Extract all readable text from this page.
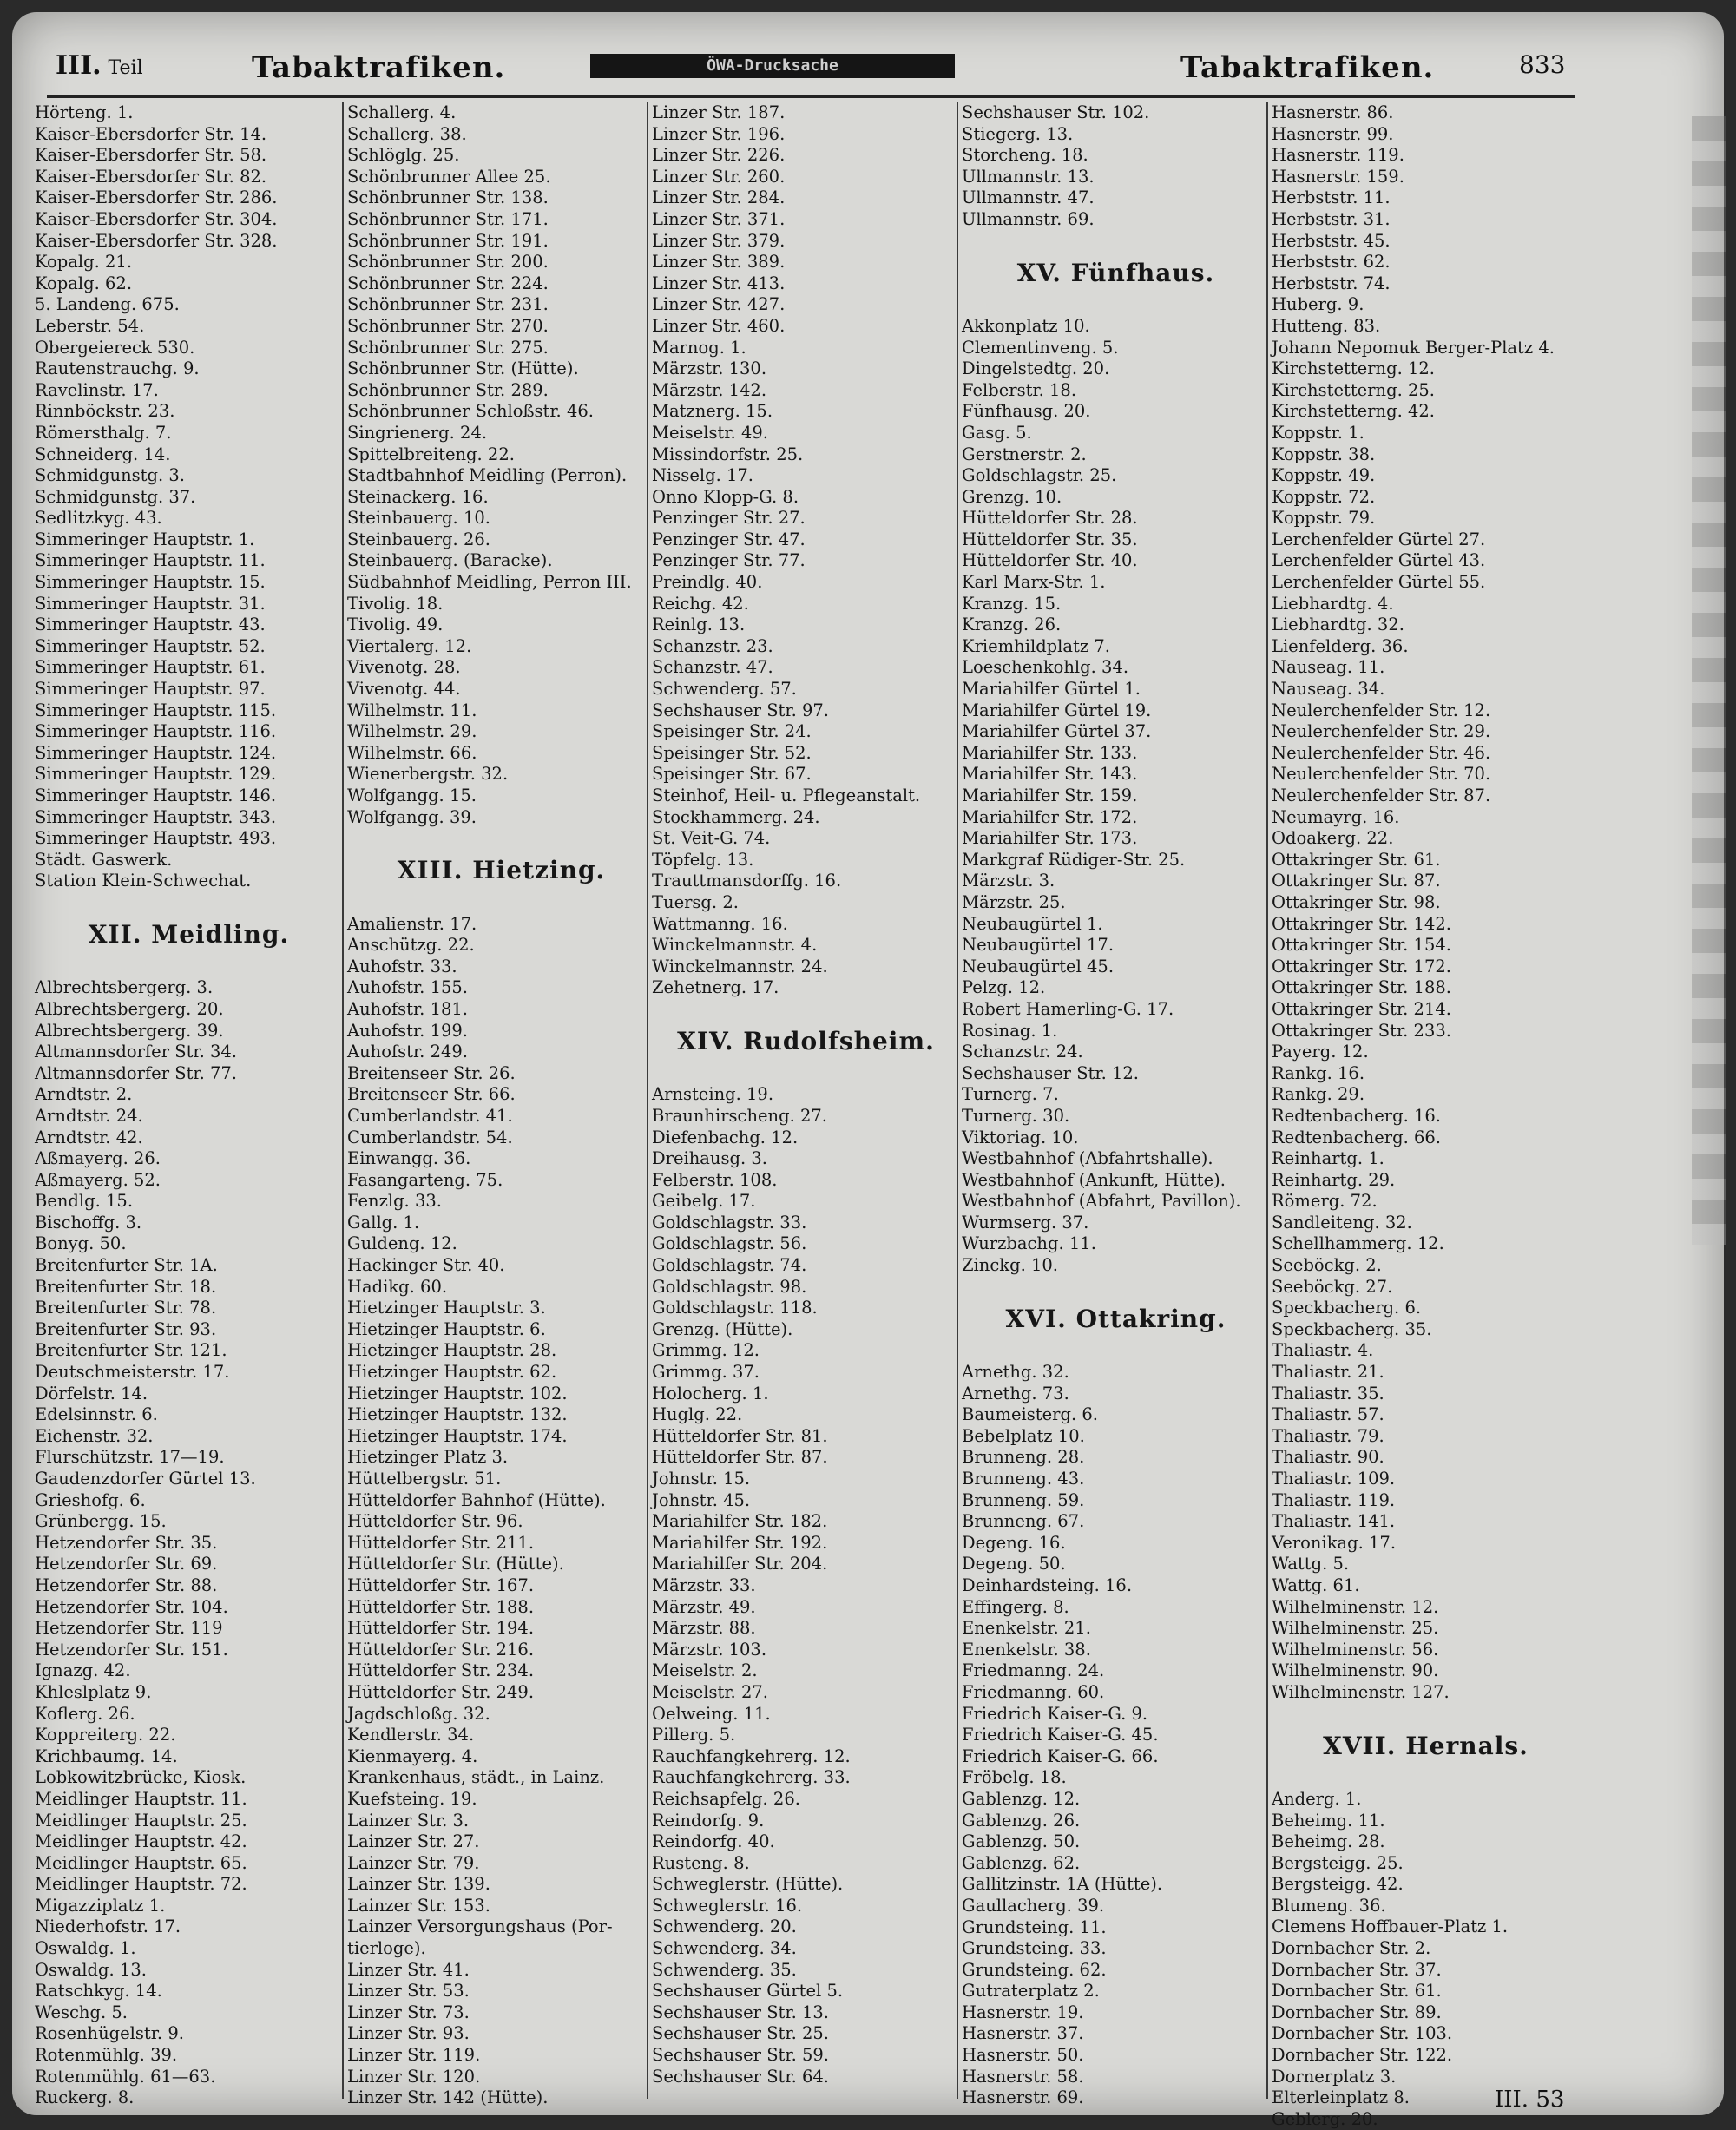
III. Teil	Tabaktrafiken.	ÖWA-Drucksache	Tabaktrafiken.	833
Hörteng. 1.
Kaiser-Ebersdorfer Str. 14.
Kaiser-Ebersdorfer Str. 58.
Kaiser-Ebersdorfer Str. 82.
Kaiser-Ebersdorfer Str. 286.
Kaiser-Ebersdorfer Str. 304.
Kaiser-Ebersdorfer Str. 328.
Kopalg. 21.
Kopalg. 62.
5. Landeng. 675.
Leberstr. 54.
Obergeiereck 530.
Rautenstrauchg. 9.
Ravelinstr. 17.
Rinnböckstr. 23.
Römersthalg. 7.
Schneiderg. 14.
Schmidgunstg. 3.
Schmidgunstg. 37.
Sedlitzkyg. 43.
Simmeringer Hauptstr. 1.
Simmeringer Hauptstr. 11.
Simmeringer Hauptstr. 15.
Simmeringer Hauptstr. 31.
Simmeringer Hauptstr. 43.
Simmeringer Hauptstr. 52.
Simmeringer Hauptstr. 61.
Simmeringer Hauptstr. 97.
Simmeringer Hauptstr. 115.
Simmeringer Hauptstr. 116.
Simmeringer Hauptstr. 124.
Simmeringer Hauptstr. 129.
Simmeringer Hauptstr. 146.
Simmeringer Hauptstr. 343.
Simmeringer Hauptstr. 493.
Städt. Gaswerk.
Station Klein-Schwechat.
XII. Meidling.
Albrechtsbergerg. 3.
Albrechtsbergerg. 20.
Albrechtsbergerg. 39.
Altmannsdorfer Str. 34.
Altmannsdorfer Str. 77.
Arndtstr. 2.
Arndtstr. 24.
Arndtstr. 42.
Aßmayerg. 26.
Aßmayerg. 52.
Bendlg. 15.
Bischoffg. 3.
Bonyg. 50.
Breitenfurter Str. 1A.
Breitenfurter Str. 18.
Breitenfurter Str. 78.
Breitenfurter Str. 93.
Breitenfurter Str. 121.
Deutschmeisterstr. 17.
Dörfelstr. 14.
Edelsinnstr. 6.
Eichenstr. 32.
Flurschützstr. 17—19.
Gaudenzdorfer Gürtel 13.
Grieshofg. 6.
Grünbergg. 15.
Hetzendorfer Str. 35.
Hetzendorfer Str. 69.
Hetzendorfer Str. 88.
Hetzendorfer Str. 104.
Hetzendorfer Str. 119
Hetzendorfer Str. 151.
Ignazg. 42.
Khleslplatz 9.
Koflerg. 26.
Koppreiterg. 22.
Krichbaumg. 14.
Lobkowitzbrücke, Kiosk.
Meidlinger Hauptstr. 11.
Meidlinger Hauptstr. 25.
Meidlinger Hauptstr. 42.
Meidlinger Hauptstr. 65.
Meidlinger Hauptstr. 72.
Migazziplatz 1.
Niederhofstr. 17.
Oswaldg. 1.
Oswaldg. 13.
Ratschkyg. 14.
Weschg. 5.
Rosenhügelstr. 9.
Rotenmühlg. 39.
Rotenmühlg. 61—63.
Ruckerg. 8.
Schallerg. 4.
Schallerg. 38.
Schlöglg. 25.
Schönbrunner Allee 25.
Schönbrunner Str. 138.
Schönbrunner Str. 171.
Schönbrunner Str. 191.
Schönbrunner Str. 200.
Schönbrunner Str. 224.
Schönbrunner Str. 231.
Schönbrunner Str. 270.
Schönbrunner Str. 275.
Schönbrunner Str. (Hütte).
Schönbrunner Str. 289.
Schönbrunner Schloßstr. 46.
Singrienerg. 24.
Spittelbreiteng. 22.
Stadtbahnhof Meidling (Perron).
Steinackerg. 16.
Steinbauerg. 10.
Steinbauerg. 26.
Steinbauerg. (Baracke).
Südbahnhof Meidling, Perron III.
Tivolig. 18.
Tivolig. 49.
Viertalerg. 12.
Vivenotg. 28.
Vivenotg. 44.
Wilhelmstr. 11.
Wilhelmstr. 29.
Wilhelmstr. 66.
Wienerbergstr. 32.
Wolfgangg. 15.
Wolfgangg. 39.
XIII. Hietzing.
Amalienstr. 17.
Anschützg. 22.
Auhofstr. 33.
Auhofstr. 155.
Auhofstr. 181.
Auhofstr. 199.
Auhofstr. 249.
Breitenseer Str. 26.
Breitenseer Str. 66.
Cumberlandstr. 41.
Cumberlandstr. 54.
Einwangg. 36.
Fasangarteng. 75.
Fenzlg. 33.
Gallg. 1.
Guldeng. 12.
Hackinger Str. 40.
Hadikg. 60.
Hietzinger Hauptstr. 3.
Hietzinger Hauptstr. 6.
Hietzinger Hauptstr. 28.
Hietzinger Hauptstr. 62.
Hietzinger Hauptstr. 102.
Hietzinger Hauptstr. 132.
Hietzinger Hauptstr. 174.
Hietzinger Platz 3.
Hüttelbergstr. 51.
Hütteldorfer Bahnhof (Hütte).
Hütteldorfer Str. 96.
Hütteldorfer Str. 211.
Hütteldorfer Str. (Hütte).
Hütteldorfer Str. 167.
Hütteldorfer Str. 188.
Hütteldorfer Str. 194.
Hütteldorfer Str. 216.
Hütteldorfer Str. 234.
Hütteldorfer Str. 249.
Jagdschloßg. 32.
Kendlerstr. 34.
Kienmayerg. 4.
Krankenhaus, städt., in Lainz.
Kuefsteing. 19.
Lainzer Str. 3.
Lainzer Str. 27.
Lainzer Str. 79.
Lainzer Str. 139.
Lainzer Str. 153.
Lainzer Versorgungshaus (Por-
tierloge).
Linzer Str. 41.
Linzer Str. 53.
Linzer Str. 73.
Linzer Str. 93.
Linzer Str. 119.
Linzer Str. 120.
Linzer Str. 142 (Hütte).
Linzer Str. 187.
Linzer Str. 196.
Linzer Str. 226.
Linzer Str. 260.
Linzer Str. 284.
Linzer Str. 371.
Linzer Str. 379.
Linzer Str. 389.
Linzer Str. 413.
Linzer Str. 427.
Linzer Str. 460.
Marnog. 1.
Märzstr. 130.
Märzstr. 142.
Matznerg. 15.
Meiselstr. 49.
Missindorfstr. 25.
Nisselg. 17.
Onno Klopp-G. 8.
Penzinger Str. 27.
Penzinger Str. 47.
Penzinger Str. 77.
Preindlg. 40.
Reichg. 42.
Reinlg. 13.
Schanzstr. 23.
Schanzstr. 47.
Schwenderg. 57.
Sechshauser Str. 97.
Speisinger Str. 24.
Speisinger Str. 52.
Speisinger Str. 67.
Steinhof, Heil- u. Pflegeanstalt.
Stockhammerg. 24.
St. Veit-G. 74.
Töpfelg. 13.
Trauttmansdorffg. 16.
Tuersg. 2.
Wattmanng. 16.
Winckelmannstr. 4.
Winckelmannstr. 24.
Zehetnerg. 17.
XIV. Rudolfsheim.
Arnsteing. 19.
Braunhirscheng. 27.
Diefenbachg. 12.
Dreihausg. 3.
Felberstr. 108.
Geibelg. 17.
Goldschlagstr. 33.
Goldschlagstr. 56.
Goldschlagstr. 74.
Goldschlagstr. 98.
Goldschlagstr. 118.
Grenzg. (Hütte).
Grimmg. 12.
Grimmg. 37.
Holocherg. 1.
Huglg. 22.
Hütteldorfer Str. 81.
Hütteldorfer Str. 87.
Johnstr. 15.
Johnstr. 45.
Mariahilfer Str. 182.
Mariahilfer Str. 192.
Mariahilfer Str. 204.
Märzstr. 33.
Märzstr. 49.
Märzstr. 88.
Märzstr. 103.
Meiselstr. 2.
Meiselstr. 27.
Oelweing. 11.
Pillerg. 5.
Rauchfangkehrerg. 12.
Rauchfangkehrerg. 33.
Reichsapfelg. 26.
Reindorfg. 9.
Reindorfg. 40.
Rusteng. 8.
Schweglerstr. (Hütte).
Schweglerstr. 16.
Schwenderg. 20.
Schwenderg. 34.
Schwenderg. 35.
Sechshauser Gürtel 5.
Sechshauser Str. 13.
Sechshauser Str. 25.
Sechshauser Str. 59.
Sechshauser Str. 64.
Sechshauser Str. 102.
Stiegerg. 13.
Storcheng. 18.
Ullmannstr. 13.
Ullmannstr. 47.
Ullmannstr. 69.
XV. Fünfhaus.
Akkonplatz 10.
Clementinveng. 5.
Dingelstedtg. 20.
Felberstr. 18.
Fünfhausg. 20.
Gasg. 5.
Gerstnerstr. 2.
Goldschlagstr. 25.
Grenzg. 10.
Hütteldorfer Str. 28.
Hütteldorfer Str. 35.
Hütteldorfer Str. 40.
Karl Marx-Str. 1.
Kranzg. 15.
Kranzg. 26.
Kriemhildplatz 7.
Loeschenkohlg. 34.
Mariahilfer Gürtel 1.
Mariahilfer Gürtel 19.
Mariahilfer Gürtel 37.
Mariahilfer Str. 133.
Mariahilfer Str. 143.
Mariahilfer Str. 159.
Mariahilfer Str. 172.
Mariahilfer Str. 173.
Markgraf Rüdiger-Str. 25.
Märzstr. 3.
Märzstr. 25.
Neubaugürtel 1.
Neubaugürtel 17.
Neubaugürtel 45.
Pelzg. 12.
Robert Hamerling-G. 17.
Rosinag. 1.
Schanzstr. 24.
Sechshauser Str. 12.
Turnerg. 7.
Turnerg. 30.
Viktoriag. 10.
Westbahnhof (Abfahrtshalle).
Westbahnhof (Ankunft, Hütte).
Westbahnhof (Abfahrt, Pavillon).
Wurmserg. 37.
Wurzbachg. 11.
Zinckg. 10.
XVI. Ottakring.
Arnethg. 32.
Arnethg. 73.
Baumeisterg. 6.
Bebelplatz 10.
Brunneng. 28.
Brunneng. 43.
Brunneng. 59.
Brunneng. 67.
Degeng. 16.
Degeng. 50.
Deinhardsteing. 16.
Effingerg. 8.
Enenkelstr. 21.
Enenkelstr. 38.
Friedmanng. 24.
Friedmanng. 60.
Friedrich Kaiser-G. 9.
Friedrich Kaiser-G. 45.
Friedrich Kaiser-G. 66.
Fröbelg. 18.
Gablenzg. 12.
Gablenzg. 26.
Gablenzg. 50.
Gablenzg. 62.
Gallitzinstr. 1A (Hütte).
Gaullacherg. 39.
Grundsteing. 11.
Grundsteing. 33.
Grundsteing. 62.
Gutraterplatz 2.
Hasnerstr. 19.
Hasnerstr. 37.
Hasnerstr. 50.
Hasnerstr. 58.
Hasnerstr. 69.
Hasnerstr. 86.
Hasnerstr. 99.
Hasnerstr. 119.
Hasnerstr. 159.
Herbststr. 11.
Herbststr. 31.
Herbststr. 45.
Herbststr. 62.
Herbststr. 74.
Huberg. 9.
Hutteng. 83.
Johann Nepomuk Berger-Platz 4.
Kirchstetterng. 12.
Kirchstetterng. 25.
Kirchstetterng. 42.
Koppstr. 1.
Koppstr. 38.
Koppstr. 49.
Koppstr. 72.
Koppstr. 79.
Lerchenfelder Gürtel 27.
Lerchenfelder Gürtel 43.
Lerchenfelder Gürtel 55.
Liebhardtg. 4.
Liebhardtg. 32.
Lienfelderg. 36.
Nauseag. 11.
Nauseag. 34.
Neulerchenfelder Str. 12.
Neulerchenfelder Str. 29.
Neulerchenfelder Str. 46.
Neulerchenfelder Str. 70.
Neulerchenfelder Str. 87.
Neumayrg. 16.
Odoakerg. 22.
Ottakringer Str. 61.
Ottakringer Str. 87.
Ottakringer Str. 98.
Ottakringer Str. 142.
Ottakringer Str. 154.
Ottakringer Str. 172.
Ottakringer Str. 188.
Ottakringer Str. 214.
Ottakringer Str. 233.
Payerg. 12.
Rankg. 16.
Rankg. 29.
Redtenbacherg. 16.
Redtenbacherg. 66.
Reinhartg. 1.
Reinhartg. 29.
Römerg. 72.
Sandleiteng. 32.
Schellhammerg. 12.
Seeböckg. 2.
Seeböckg. 27.
Speckbacherg. 6.
Speckbacherg. 35.
Thaliastr. 4.
Thaliastr. 21.
Thaliastr. 35.
Thaliastr. 57.
Thaliastr. 79.
Thaliastr. 90.
Thaliastr. 109.
Thaliastr. 119.
Thaliastr. 141.
Veronikag. 17.
Wattg. 5.
Wattg. 61.
Wilhelminenstr. 12.
Wilhelminenstr. 25.
Wilhelminenstr. 56.
Wilhelminenstr. 90.
Wilhelminenstr. 127.
XVII. Hernals.
Anderg. 1.
Beheimg. 11.
Beheimg. 28.
Bergsteigg. 25.
Bergsteigg. 42.
Blumeng. 36.
Clemens Hoffbauer-Platz 1.
Dornbacher Str. 2.
Dornbacher Str. 37.
Dornbacher Str. 61.
Dornbacher Str. 89.
Dornbacher Str. 103.
Dornbacher Str. 122.
Dornerplatz 3.
Elterleinplatz 8.
Geblerg. 20.
III. 53
